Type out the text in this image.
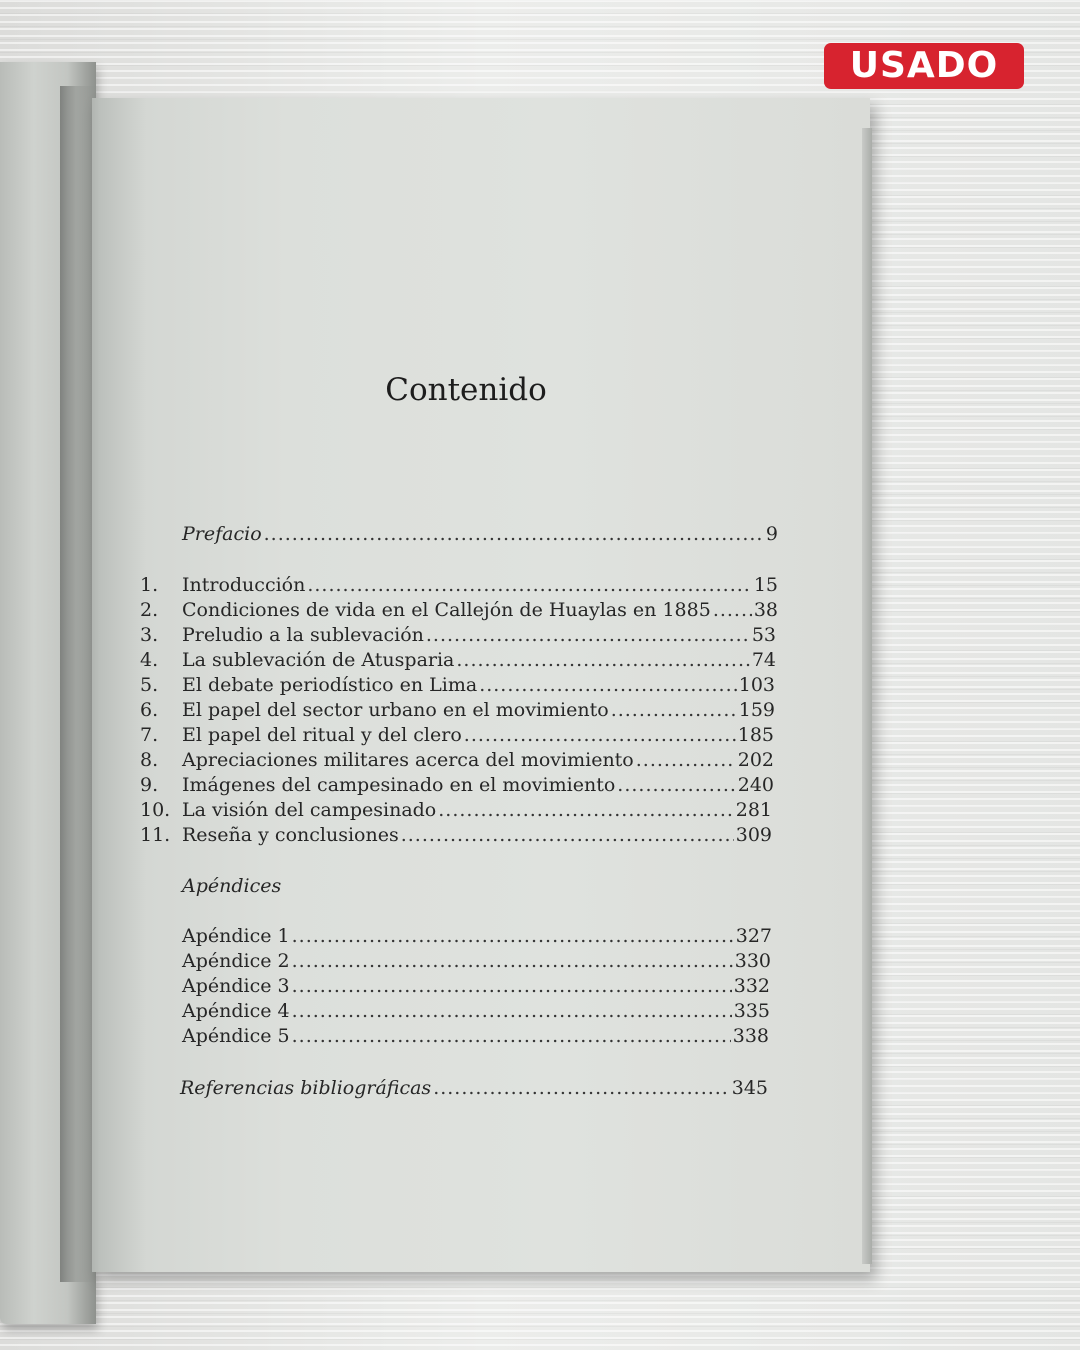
USADO
Contenido
Prefacio .....	9
1.	Introducción .....	15
2.	Condiciones de vida en el Callejón de Huaylas en 1885 ..... 38
3.	Preludio a la sublevación .....	53
4.	La sublevación de Atusparia .....	74
5.	El debate periodístico en Lima .....	103
6.	El papel del sector urbano en el movimiento .....	159
7.	El papel del ritual y del clero .....	185
8.	Apreciaciones militares acerca del movimiento .....	202
9.	Imágenes del campesinado en el movimiento .....	240
10. La visión del campesinado .....	281
11. Reseña y conclusiones .....	309
Apéndices
Apéndice 1 .....	327
Apéndice 2 .....	330
Apéndice 3 .....	332
Apéndice 4 .....	335
Apéndice 5 .....	338
Referencias bibliográficas .....	345
